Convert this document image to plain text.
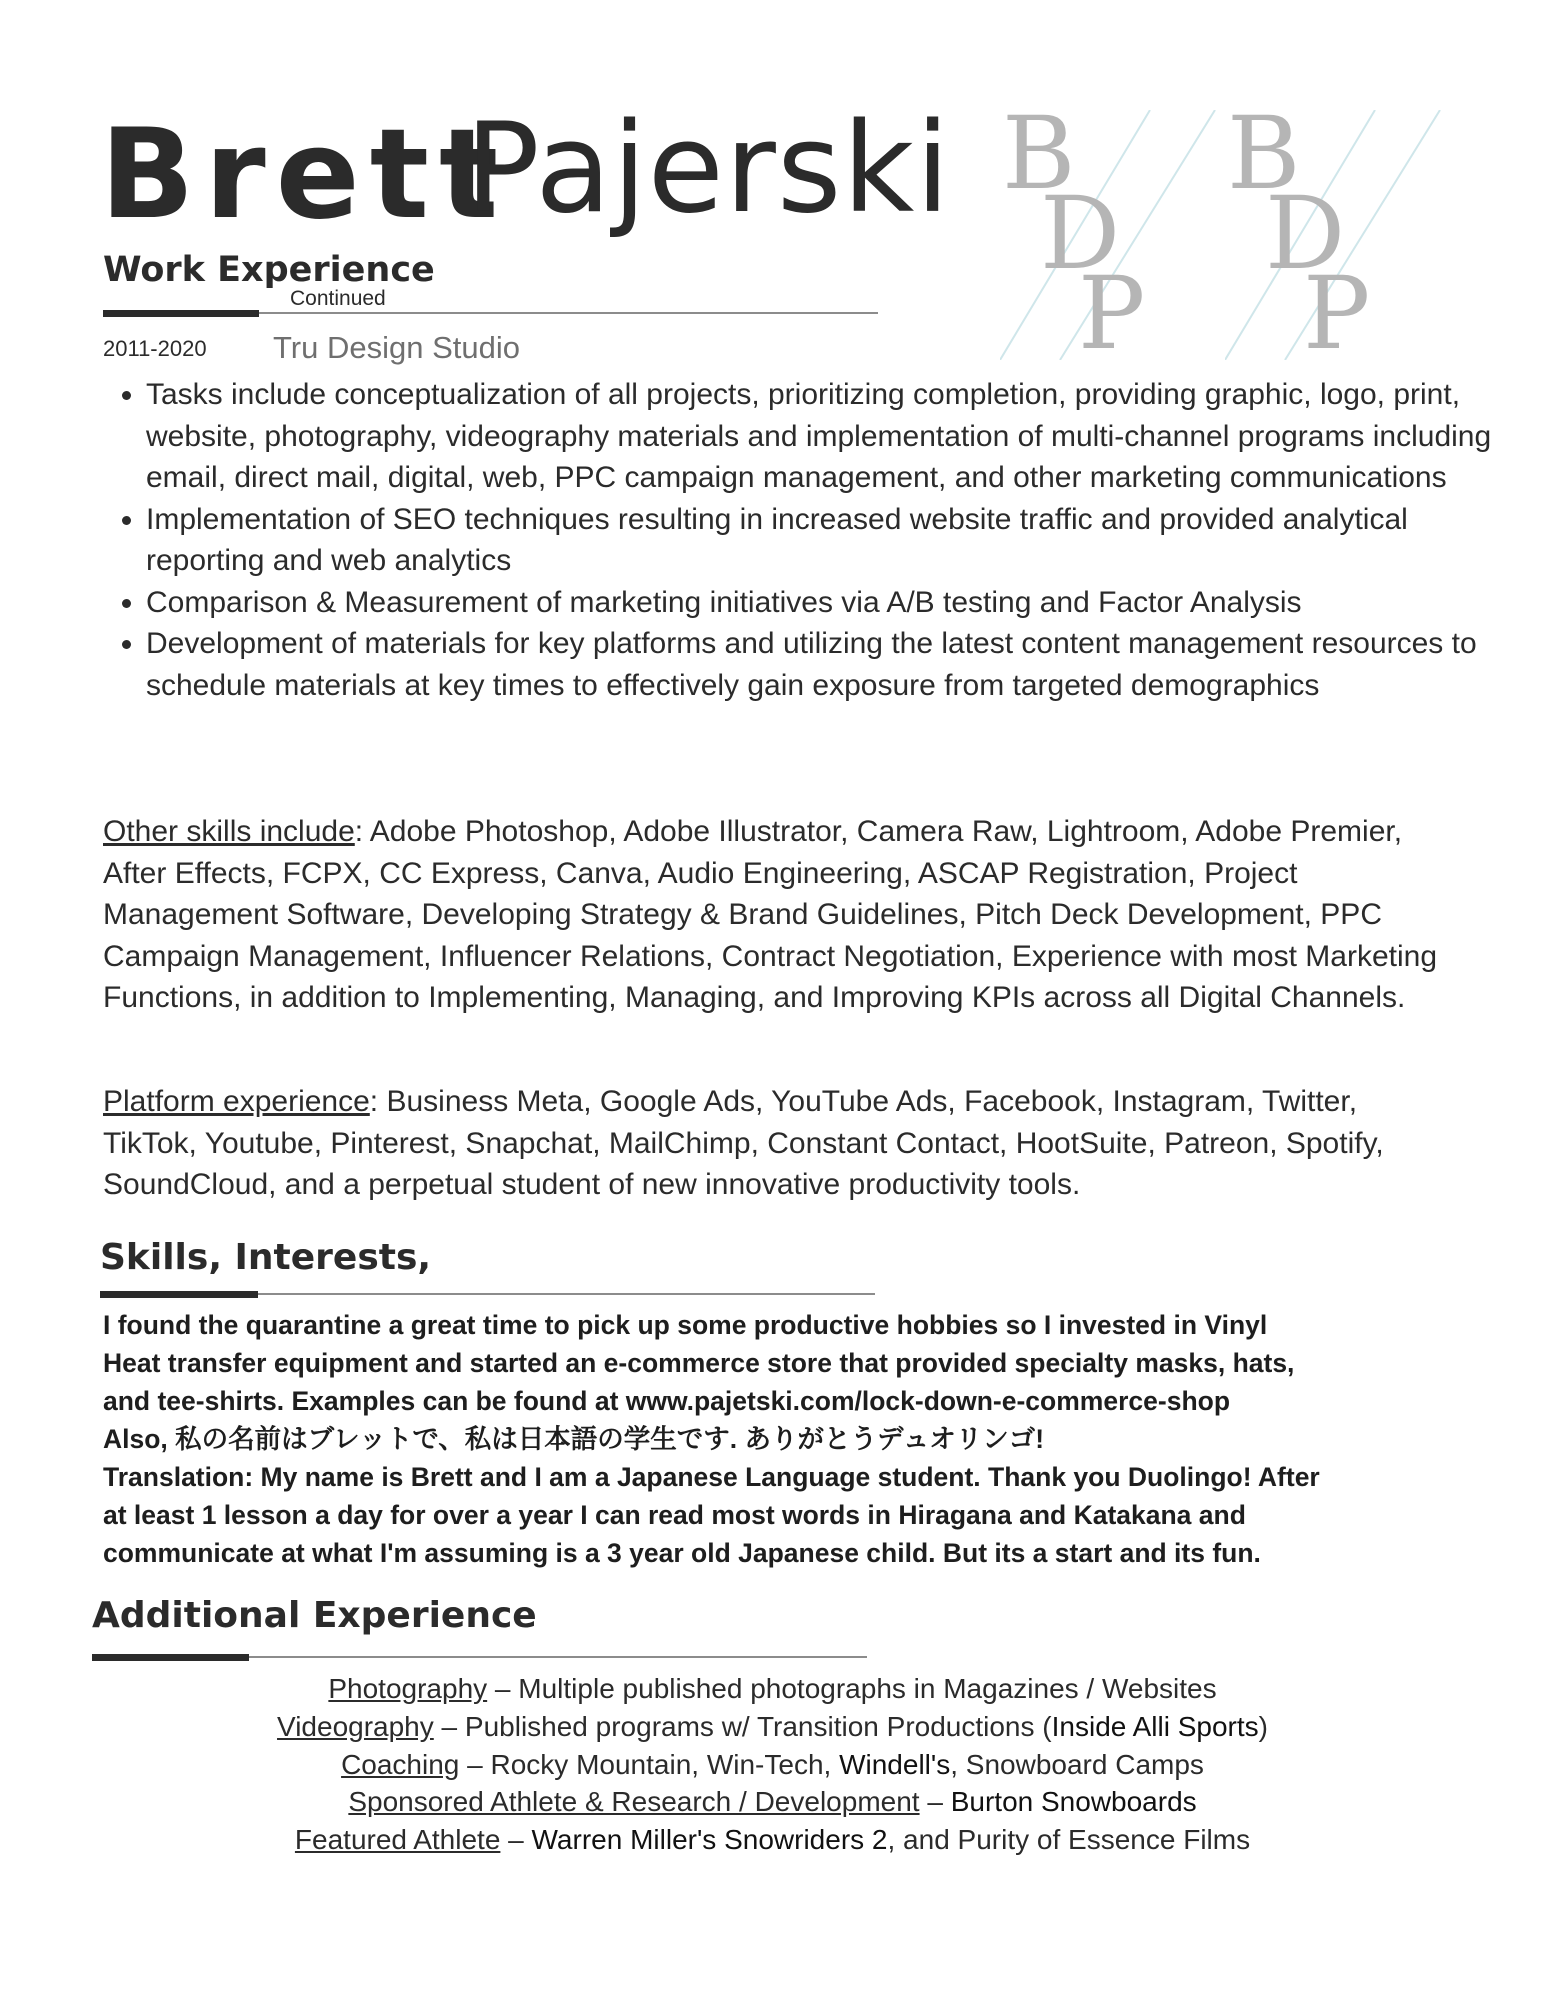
Brett
Pajerski B
D
P
B
D
P
Work Experience
Continued
2011-2020 Tru Design Studio
• Tasks include conceptualization of all projects, prioritizing completion, providing graphic, logo, print, website, photography, videography materials and implementation of multi-channel programs including email, direct mail, digital, web, PPC campaign management, and other marketing communications
• Implementation of SEO techniques resulting in increased website traffic and provided analytical reporting and web analytics
• Comparison & Measurement of marketing initiatives via A/B testing and Factor Analysis
• Development of materials for key platforms and utilizing the latest content management resources to schedule materials at key times to effectively gain exposure from targeted demographics

Other skills include: Adobe Photoshop, Adobe Illustrator, Camera Raw, Lightroom, Adobe Premier, After Effects, FCPX, CC Express, Canva, Audio Engineering, ASCAP Registration, Project Management Software, Developing Strategy & Brand Guidelines, Pitch Deck Development, PPC Campaign Management, Influencer Relations, Contract Negotiation, Experience with most Marketing Functions, in addition to Implementing, Managing, and Improving KPIs across all Digital Channels.

Platform experience: Business Meta, Google Ads, YouTube Ads, Facebook, Instagram, Twitter, TikTok, Youtube, Pinterest, Snapchat, MailChimp, Constant Contact, HootSuite, Patreon, Spotify, SoundCloud, and a perpetual student of new innovative productivity tools.

Skills, Interests,
I found the quarantine a great time to pick up some productive hobbies so I invested in Vinyl
Heat transfer equipment and started an e-commerce store that provided specialty masks, hats,
and tee-shirts. Examples can be found at www.pajetski.com/lock-down-e-commerce-shop
Also, 私の名前はブレットで、私は日本語の学生です. ありがとうデュオリンゴ!
Translation: My name is Brett and I am a Japanese Language student. Thank you Duolingo! After
at least 1 lesson a day for over a year I can read most words in Hiragana and Katakana and
communicate at what I'm assuming is a 3 year old Japanese child. But its a start and its fun.
Additional Experience
Photography – Multiple published photographs in Magazines / Websites
Videography – Published programs w/ Transition Productions (Inside Alli Sports)
Coaching – Rocky Mountain, Win-Tech, Windell's, Snowboard Camps
Sponsored Athlete & Research / Development – Burton Snowboards
Featured Athlete – Warren Miller's Snowriders 2, and Purity of Essence Films
